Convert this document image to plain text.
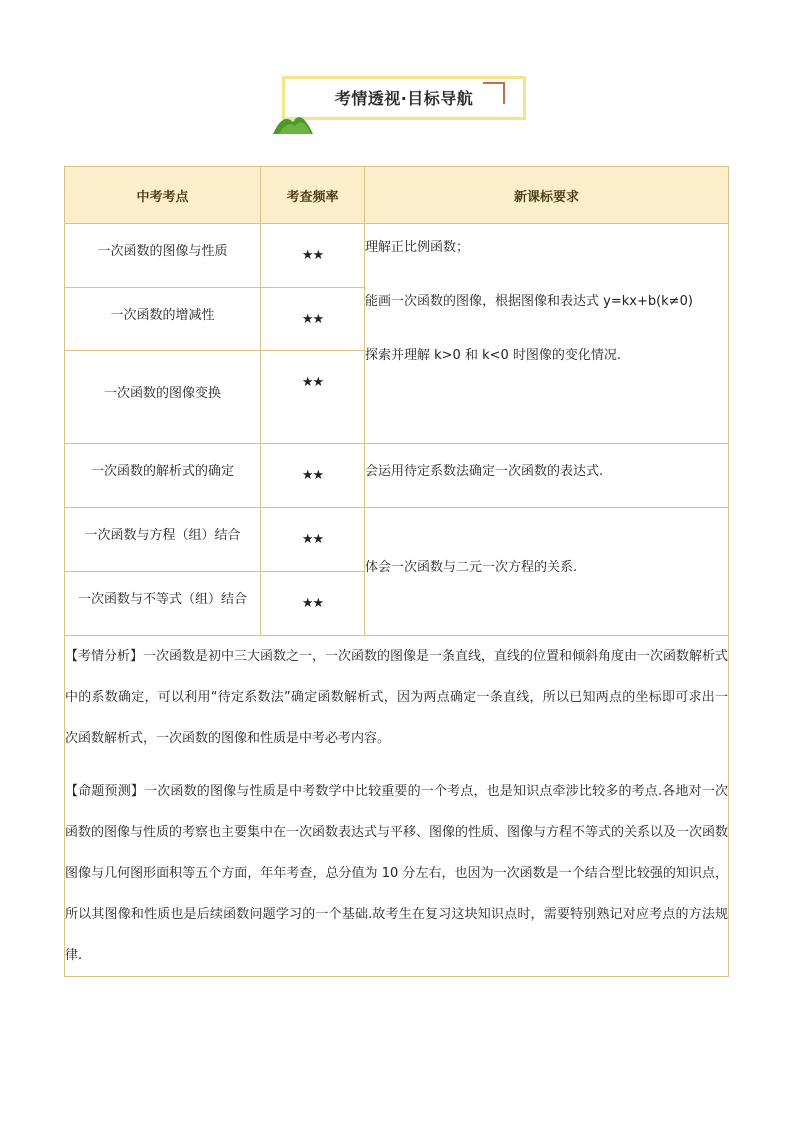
考情透视·目标导航
中考考点	考查频率	新课标要求
一次函数的图像与性质	★★	理解正比例函数；

能画一次函数的图像，根据图像和表达式 y=kx+b(k≠0)

探索并理解 k>0 和 k<0 时图像的变化情况.

一次函数的增减性	★★	
一次函数的图像变换	★★	
一次函数的解析式的确定	★★	会运用待定系数法确定一次函数的表达式.
一次函数与方程（组）结合	★★	体会一次函数与二元一次方程的关系.
一次函数与不等式（组）结合	★★	

【考情分析】一次函数是初中三大函数之一，一次函数的图像是一条直线，直线的位置和倾斜角度由一次函数解析式中的系数确定，可以利用“待定系数法”确定函数解析式，因为两点确定一条直线，所以已知两点的坐标即可求出一次函数解析式，一次函数的图像和性质是中考必考内容。

【命题预测】一次函数的图像与性质是中考数学中比较重要的一个考点，也是知识点牵涉比较多的考点.各地对一次函数的图像与性质的考察也主要集中在一次函数表达式与平移、图像的性质、图像与方程不等式的关系以及一次函数图像与几何图形面积等五个方面，年年考查，总分值为 10 分左右，也因为一次函数是一个结合型比较强的知识点，所以其图像和性质也是后续函数问题学习的一个基础.故考生在复习这块知识点时，需要特别熟记对应考点的方法规律.		
